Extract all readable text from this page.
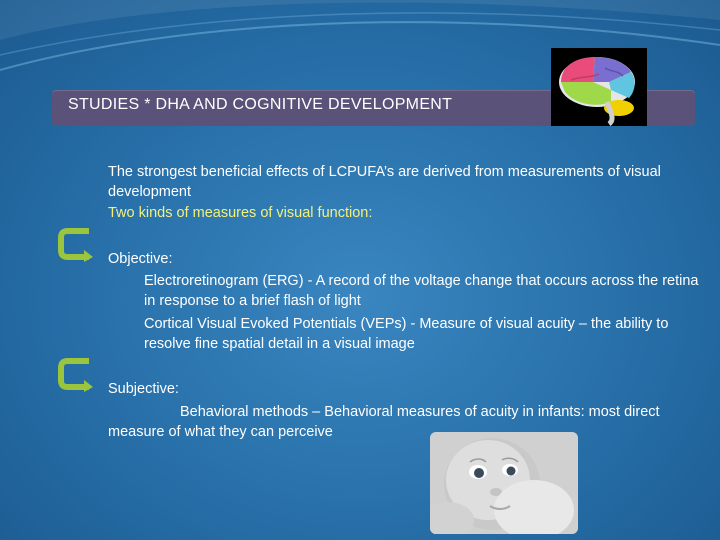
STUDIES * DHA AND COGNITIVE DEVELOPMENT
The strongest beneficial effects of LCPUFA’s are derived from measurements of visual development
Two kinds of measures of visual function:
Objective:
Electroretinogram (ERG) - A record of the voltage change that occurs across the retina in response to a brief flash of light
Cortical Visual Evoked Potentials (VEPs) - Measure of visual acuity – the ability to resolve fine spatial detail in a visual image
Subjective:
Behavioral methods – Behavioral measures of acuity in infants: most direct measure of what they can perceive
